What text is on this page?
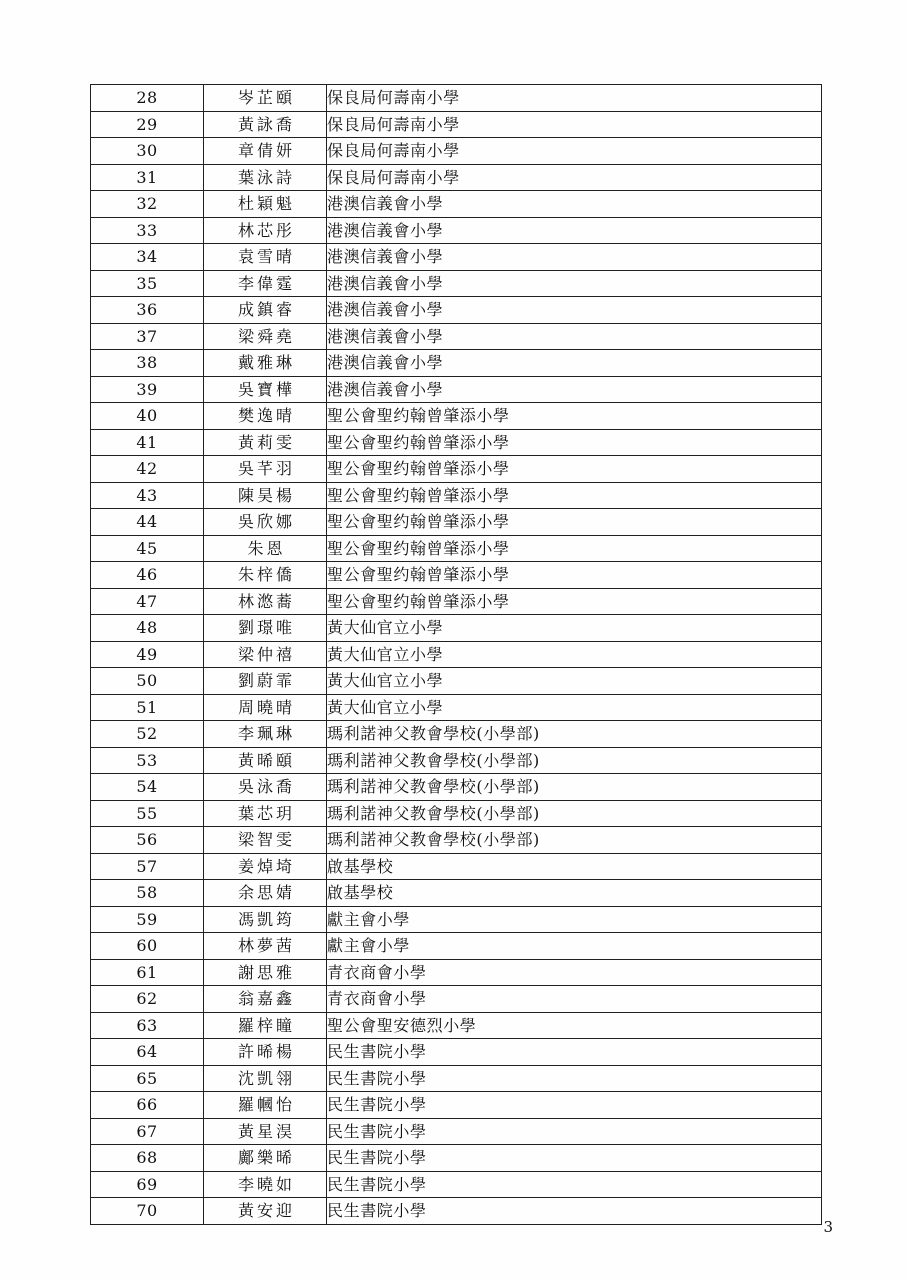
28	岑芷頤	保良局何壽南小學
29	黃詠喬	保良局何壽南小學
30	章倩妍	保良局何壽南小學
31	葉泳詩	保良局何壽南小學
32	杜穎魁	港澳信義會小學
33	林芯彤	港澳信義會小學
34	袁雪晴	港澳信義會小學
35	李偉霆	港澳信義會小學
36	成鎮睿	港澳信義會小學
37	梁舜堯	港澳信義會小學
38	戴雅琳	港澳信義會小學
39	吳寶樺	港澳信義會小學
40	樊逸晴	聖公會聖约翰曾肇添小學
41	黃莉雯	聖公會聖约翰曾肇添小學
42	吳芊羽	聖公會聖约翰曾肇添小學
43	陳昊楊	聖公會聖约翰曾肇添小學
44	吳欣娜	聖公會聖约翰曾肇添小學
45	朱恩	聖公會聖约翰曾肇添小學
46	朱梓僑	聖公會聖约翰曾肇添小學
47	林滺蕎	聖公會聖约翰曾肇添小學
48	劉璟唯	黃大仙官立小學
49	梁仲禧	黃大仙官立小學
50	劉蔚霏	黃大仙官立小學
51	周曉晴	黃大仙官立小學
52	李珮琳	瑪利諾神父教會學校(小學部)
53	黃晞頤	瑪利諾神父教會學校(小學部)
54	吳泳喬	瑪利諾神父教會學校(小學部)
55	葉芯玥	瑪利諾神父教會學校(小學部)
56	梁智雯	瑪利諾神父教會學校(小學部)
57	姜焯埼	啟基學校
58	余思婧	啟基學校
59	馮凱筠	獻主會小學
60	林夢茜	獻主會小學
61	謝思雅	青衣商會小學
62	翁嘉鑫	青衣商會小學
63	羅梓瞳	聖公會聖安德烈小學
64	許晞楊	民生書院小學
65	沈凱翎	民生書院小學
66	羅幗怡	民生書院小學
67	黃星淏	民生書院小學
68	鄺樂晞	民生書院小學
69	李曉如	民生書院小學
70	黃安迎	民生書院小學
3
